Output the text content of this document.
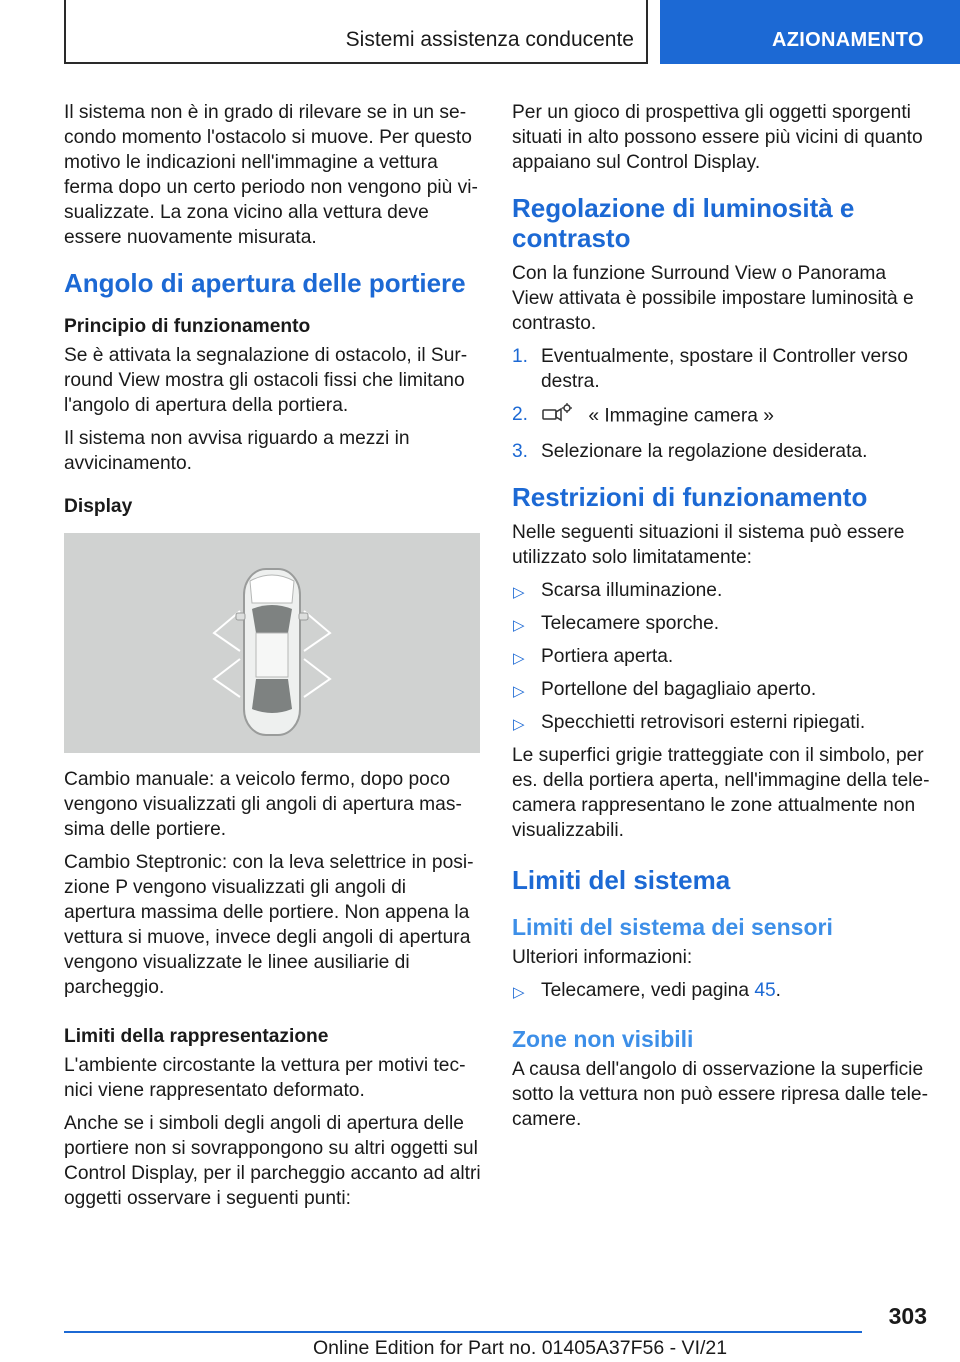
Sistemi assistenza conducente	AZIONAMENTO

Il sistema non è in grado di rilevare se in un secondo momento l'ostacolo si muove. Per questo motivo le indicazioni nell'immagine a vettura ferma dopo un certo periodo non vengono più visualizzate. La zona vicino alla vettura deve essere nuovamente misurata.

Angolo di apertura delle portiere
Principio di funzionamento

Se è attivata la segnalazione di ostacolo, il Surround View mostra gli ostacoli fissi che limitano l'angolo di apertura della portiera.

Il sistema non avvisa riguardo a mezzi in avvicinamento.

Display

Cambio manuale: a veicolo fermo, dopo poco vengono visualizzati gli angoli di apertura massima delle portiere.

Cambio Steptronic: con la leva selettrice in posizione P vengono visualizzati gli angoli di apertura massima delle portiere. Non appena la vettura si muove, invece degli angoli di apertura vengono visualizzate le linee ausiliarie di parcheggio.

Limiti della rappresentazione

L'ambiente circostante la vettura per motivi tecnici viene rappresentato deformato.

Anche se i simboli degli angoli di apertura delle portiere non si sovrappongono su altri oggetti sul Control Display, per il parcheggio accanto ad altri oggetti osservare i seguenti punti:

Per un gioco di prospettiva gli oggetti sporgenti situati in alto possono essere più vicini di quanto appaiano sul Control Display.

Regolazione di luminosità e contrasto

Con la funzione Surround View o Panorama View attivata è possibile impostare luminosità e contrasto.

1. Eventualmente, spostare il Controller verso destra.
2.	« Immagine camera »
3. Selezionare la regolazione desiderata.
Restrizioni di funzionamento

Nelle seguenti situazioni il sistema può essere utilizzato solo limitatamente:

▷ Scarsa illuminazione.
▷ Telecamere sporche.
▷ Portiera aperta.
▷ Portellone del bagagliaio aperto.
▷ Specchietti retrovisori esterni ripiegati.

Le superfici grigie tratteggiate con il simbolo, per es. della portiera aperta, nell'immagine della telecamera rappresentano le zone attualmente non visualizzabili.

Limiti del sistema
Limiti del sistema dei sensori

Ulteriori informazioni:

▷ Telecamere, vedi pagina 45.
Zone non visibili

A causa dell'angolo di osservazione la superficie sotto la vettura non può essere ripresa dalle telecamere.

303
Online Edition for Part no. 01405A37F56 - VI/21
